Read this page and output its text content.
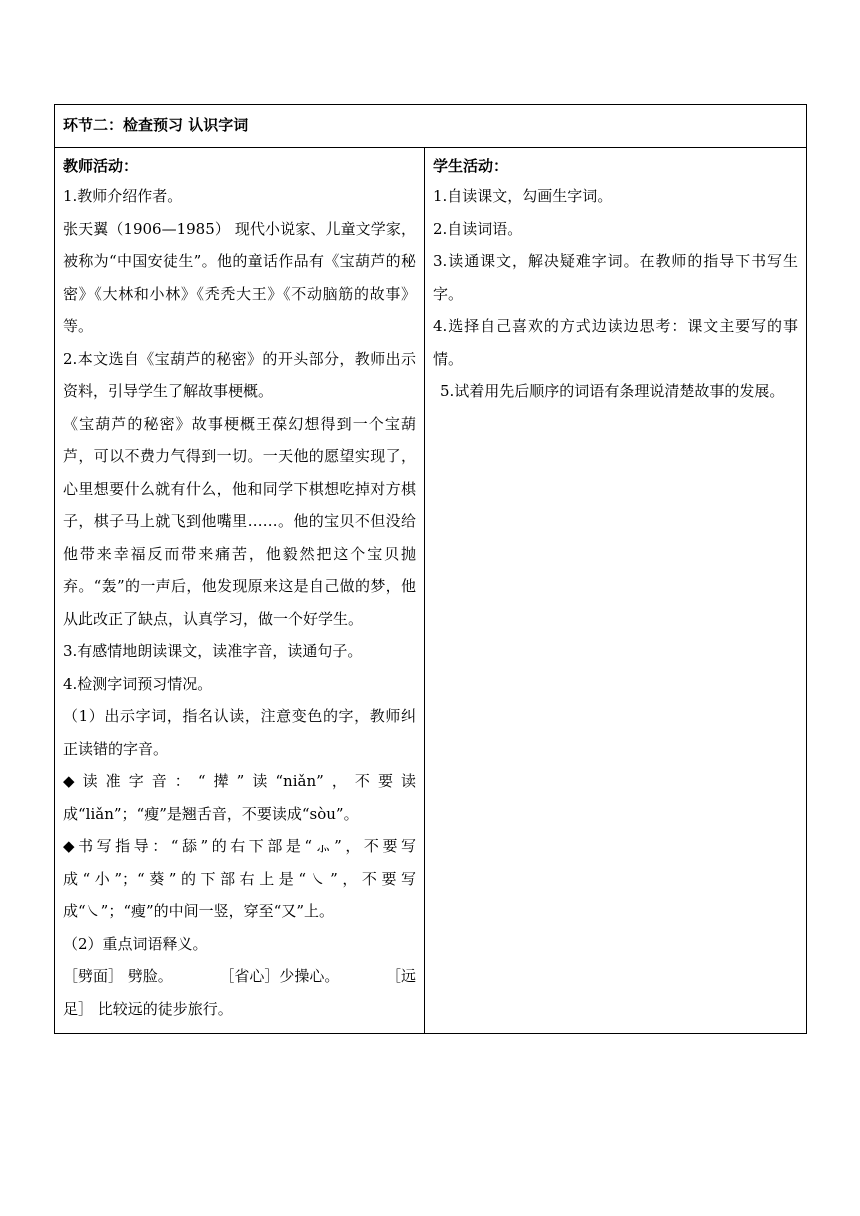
环节二：检查预习 认识字词

教师活动：

1.教师介绍作者。

张天翼（1906—1985） 现代小说家、儿童文学家，被称为“中国安徒生”。他的童话作品有《宝葫芦的秘密》《大林和小林》《秃秃大王》《不动脑筋的故事》等。

2.本文选自《宝葫芦的秘密》的开头部分，教师出示资料，引导学生了解故事梗概。

《宝葫芦的秘密》故事梗概王葆幻想得到一个宝葫芦，可以不费力气得到一切。一天他的愿望实现了，心里想要什么就有什么，他和同学下棋想吃掉对方棋子，棋子马上就飞到他嘴里……。他的宝贝不但没给他带来幸福反而带来痛苦，他毅然把这个宝贝抛弃。“轰”的一声后，他发现原来这是自己做的梦，他从此改正了缺点，认真学习，做一个好学生。

3.有感情地朗读课文，读准字音，读通句子。

4.检测字词预习情况。

（1）出示字词，指名认读，注意变色的字，教师纠正读错的字音。

◆读准字音：“撵”读“niǎn”，不要读成“liǎn”；“瘦”是翘舌音，不要读成“sòu”。

◆书写指导：“舔”的右下部是“⺗”，不要写成“小”；“葵”的下部右上是“㇏”，不要写成“㇏”；“瘦”的中间一竖，穿至“又”上。

（2）重点词语释义。

［劈面］ 劈脸。	［省心］少操心。	［远

足］ 比较远的徒步旅行。

学生活动：

1.自读课文，勾画生字词。

2.自读词语。

3.读通课文，解决疑难字词。在教师的指导下书写生字。

4.选择自己喜欢的方式边读边思考：课文主要写的事情。

5.试着用先后顺序的词语有条理说清楚故事的发展。
